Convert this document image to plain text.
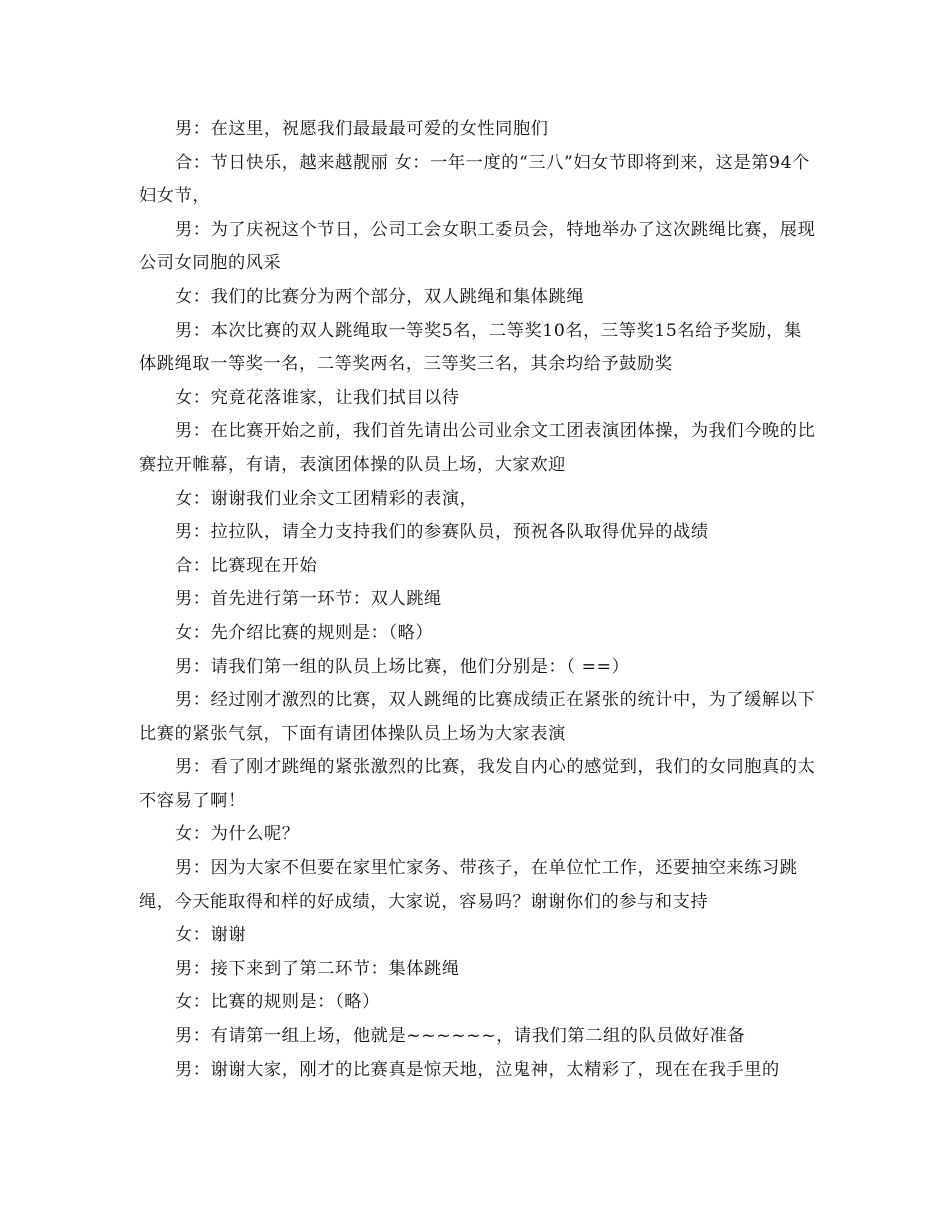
男：在这里，祝愿我们最最最可爱的女性同胞们

合：节日快乐，越来越靓丽 女：一年一度的“三八”妇女节即将到来，这是第94个妇女节，

男：为了庆祝这个节日，公司工会女职工委员会，特地举办了这次跳绳比赛，展现公司女同胞的风采

女：我们的比赛分为两个部分，双人跳绳和集体跳绳

男：本次比赛的双人跳绳取一等奖5名，二等奖10名，三等奖15名给予奖励，集体跳绳取一等奖一名，二等奖两名，三等奖三名，其余均给予鼓励奖

女：究竟花落谁家，让我们拭目以待

男：在比赛开始之前，我们首先请出公司业余文工团表演团体操，为我们今晚的比赛拉开帷幕，有请，表演团体操的队员上场，大家欢迎

女：谢谢我们业余文工团精彩的表演，

男：拉拉队，请全力支持我们的参赛队员，预祝各队取得优异的战绩

合：比赛现在开始

男：首先进行第一环节：双人跳绳

女：先介绍比赛的规则是：（略）

男：请我们第一组的队员上场比赛，他们分别是：（ ==）

男：经过刚才激烈的比赛，双人跳绳的比赛成绩正在紧张的统计中，为了缓解以下比赛的紧张气氛，下面有请团体操队员上场为大家表演

男：看了刚才跳绳的紧张激烈的比赛，我发自内心的感觉到，我们的女同胞真的太不容易了啊！

女：为什么呢？

男：因为大家不但要在家里忙家务、带孩子，在单位忙工作，还要抽空来练习跳绳，今天能取得和样的好成绩，大家说，容易吗？谢谢你们的参与和支持

女：谢谢

男：接下来到了第二环节：集体跳绳

女：比赛的规则是：（略）

男：有请第一组上场，他就是~~~~~~，请我们第二组的队员做好准备

男：谢谢大家，刚才的比赛真是惊天地，泣鬼神，太精彩了，现在在我手里的
